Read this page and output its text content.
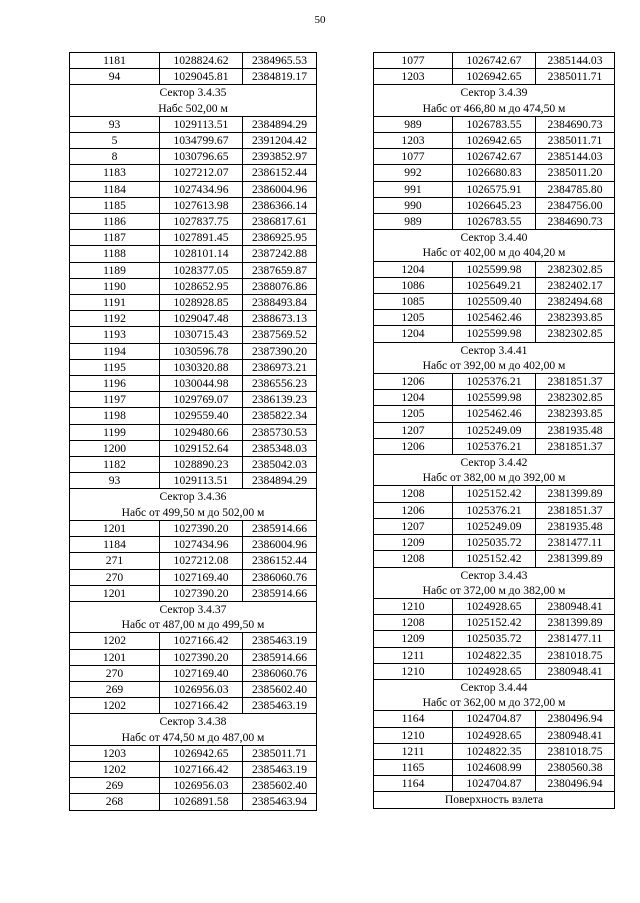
50
1181	1028824.62	2384965.53
94	1029045.81	2384819.17
Сектор 3.4.35		
Набс 502,00 м		
93	1029113.51	2384894.29
5	1034799.67	2391204.42
8	1030796.65	2393852.97
1183	1027212.07	2386152.44
1184	1027434.96	2386004.96
1185	1027613.98	2386366.14
1186	1027837.75	2386817.61
1187	1027891.45	2386925.95
1188	1028101.14	2387242.88
1189	1028377.05	2387659.87
1190	1028652.95	2388076.86
1191	1028928.85	2388493.84
1192	1029047.48	2388673.13
1193	1030715.43	2387569.52
1194	1030596.78	2387390.20
1195	1030320.88	2386973.21
1196	1030044.98	2386556.23
1197	1029769.07	2386139.23
1198	1029559.40	2385822.34
1199	1029480.66	2385730.53
1200	1029152.64	2385348.03
1182	1028890.23	2385042.03
93	1029113.51	2384894.29
Сектор 3.4.36		
Набс от 499,50 м до 502,00 м		
1201	1027390.20	2385914.66
1184	1027434.96	2386004.96
271	1027212.08	2386152.44
270	1027169.40	2386060.76
1201	1027390.20	2385914.66
Сектор 3.4.37		
Набс от 487,00 м до 499,50 м		
1202	1027166.42	2385463.19
1201	1027390.20	2385914.66
270	1027169.40	2386060.76
269	1026956.03	2385602.40
1202	1027166.42	2385463.19
Сектор 3.4.38		
Набс от 474,50 м до 487,00 м		
1203	1026942.65	2385011.71
1202	1027166.42	2385463.19
269	1026956.03	2385602.40
268	1026891.58	2385463.94
1077	1026742.67	2385144.03
1203	1026942.65	2385011.71
Сектор 3.4.39		
Набс от 466,80 м до 474,50 м		
989	1026783.55	2384690.73
1203	1026942.65	2385011.71
1077	1026742.67	2385144.03
992	1026680.83	2385011.20
991	1026575.91	2384785.80
990	1026645.23	2384756.00
989	1026783.55	2384690.73
Сектор 3.4.40		
Набс от 402,00 м до 404,20 м		
1204	1025599.98	2382302.85
1086	1025649.21	2382402.17
1085	1025509.40	2382494.68
1205	1025462.46	2382393.85
1204	1025599.98	2382302.85
Сектор 3.4.41		
Набс от 392,00 м до 402,00 м		
1206	1025376.21	2381851.37
1204	1025599.98	2382302.85
1205	1025462.46	2382393.85
1207	1025249.09	2381935.48
1206	1025376.21	2381851.37
Сектор 3.4.42		
Набс от 382,00 м до 392,00 м		
1208	1025152.42	2381399.89
1206	1025376.21	2381851.37
1207	1025249.09	2381935.48
1209	1025035.72	2381477.11
1208	1025152.42	2381399.89
Сектор 3.4.43		
Набс от 372,00 м до 382,00 м		
1210	1024928.65	2380948.41
1208	1025152.42	2381399.89
1209	1025035.72	2381477.11
1211	1024822.35	2381018.75
1210	1024928.65	2380948.41
Сектор 3.4.44		
Набс от 362,00 м до 372,00 м		
1164	1024704.87	2380496.94
1210	1024928.65	2380948.41
1211	1024822.35	2381018.75
1165	1024608.99	2380560.38
1164	1024704.87	2380496.94
Поверхность взлета		
